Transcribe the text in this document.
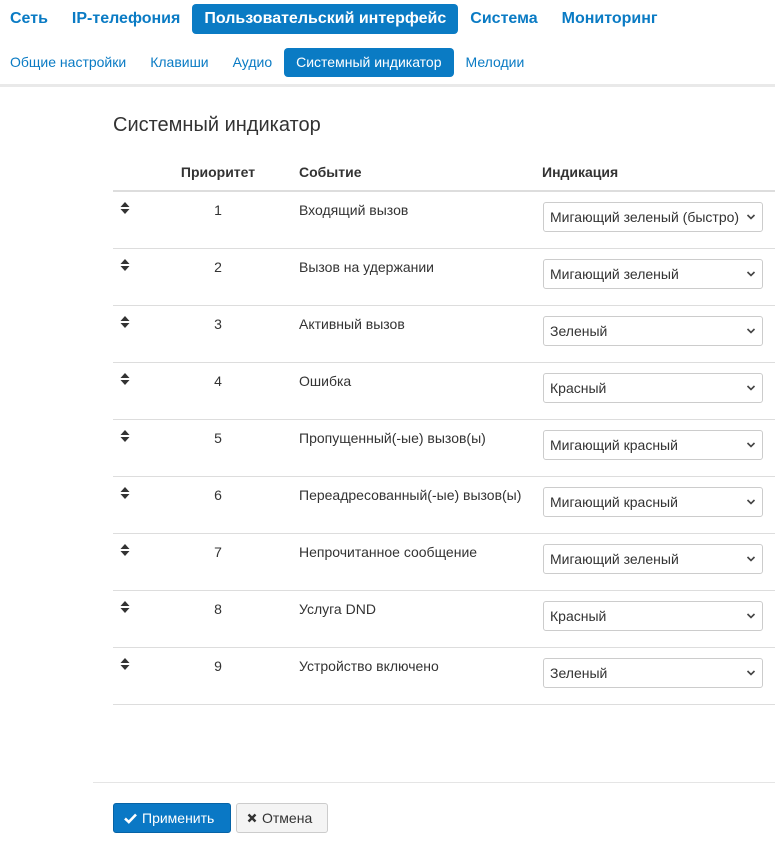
Сеть	IP-телефония	Пользовательский интерфейс	Система	Мониторинг
Общие настройки	Клавиши	Аудио	Системный индикатор	Мелодии
Системный индикатор
	Приоритет	Событие	Индикация
	1	Входящий вызов	Мигающий зеленый (быстро)

	2	Вызов на удержании	Мигающий зеленый

	3	Активный вызов	Зеленый

	4	Ошибка	Красный

	5	Пропущенный(-ые) вызов(ы)	Мигающий красный

	6	Переадресованный(-ые) вызов(ы)	Мигающий красный

	7	Непрочитанное сообщение	Мигающий зеленый

	8	Услуга DND	Красный

	9	Устройство включено	Зеленый
Применить	Отмена
